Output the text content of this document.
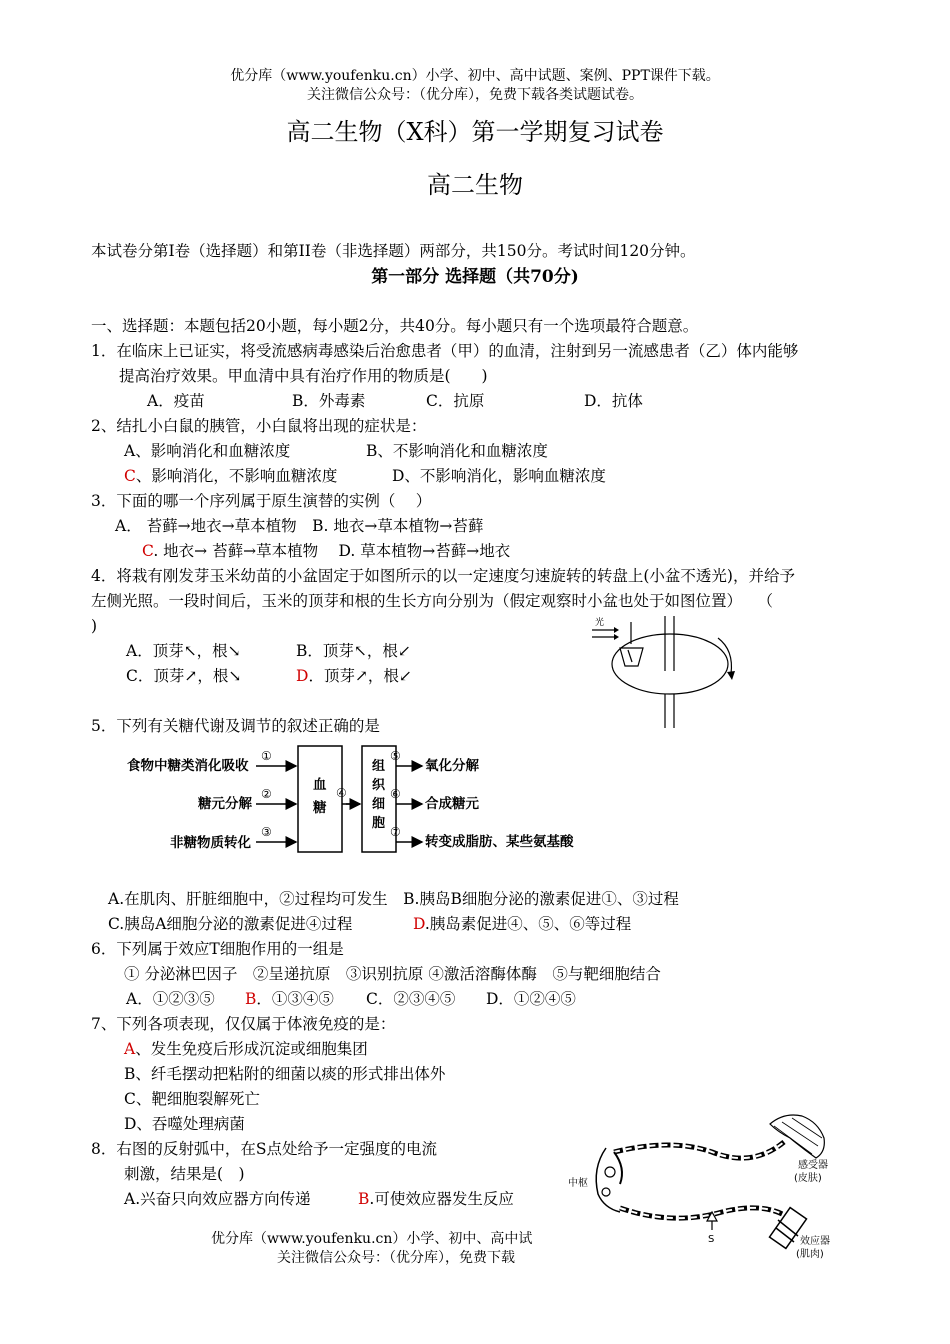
优分库（www.youfenku.cn）小学、初中、高中试题、案例、PPT课件下载。
关注微信公众号：（优分库），免费下载各类试题试卷。
高二生物（X科）第一学期复习试卷
高二生物
本试卷分第I卷（选择题）和第II卷（非选择题）两部分，共150分。考试时间120分钟。
第一部分 选择题（共70分)
一、选择题：本题包括20小题，每小题2分，共40分。每小题只有一个选项最符合题意。
1．在临床上已证实，将受流感病毒感染后治愈患者（甲）的血清，注射到另一流感患者（乙）体内能够
提高治疗效果。甲血清中具有治疗作用的物质是(　　)
A．疫苗	B．外毒素	C．抗原	D．抗体
2、结扎小白鼠的胰管，小白鼠将出现的症状是：
A、影响消化和血糖浓度	B、不影响消化和血糖浓度
C、影响消化，不影响血糖浓度	D、不影响消化，影响血糖浓度
3．下面的哪一个序列属于原生演替的实例（　 ）
A． 苔藓→地衣→草本植物　B. 地衣→草本植物→苔藓
C. 地衣→ 苔藓→草本植物　 D. 草本植物→苔藓→地衣
4．将栽有刚发芽玉米幼苗的小盆固定于如图所示的以一定速度匀速旋转的转盘上(小盆不透光)，并给予
左侧光照。一段时间后，玉米的顶芽和根的生长方向分别为（假定观察时小盆也处于如图位置）　　（
)
A．顶芽↖，根↘	B．顶芽↖，根↙
C．顶芽↗，根↘	D．顶芽↗，根↙
光
5．下列有关糖代谢及调节的叙述正确的是
食物中糖类消化吸收
糖元分解
非糖物质转化
①
②
③
血
糖
④
组
织
细
胞
⑤
⑥
⑦
氧化分解
合成糖元
转变成脂肪、某些氨基酸
A.在肌肉、肝脏细胞中，②过程均可发生　B.胰岛B细胞分泌的激素促进①、③过程
C.胰岛A细胞分泌的激素促进④过程	D.胰岛素促进④、⑤、⑥等过程
6．下列属于效应T细胞作用的一组是
① 分泌淋巴因子　②呈递抗原　③识别抗原 ④激活溶酶体酶　⑤与靶细胞结合
A．①②③⑤ B．①③④⑤ C．②③④⑤ D．①②④⑤
7、下列各项表现，仅仅属于体液免疫的是：
A、发生免疫后形成沉淀或细胞集团
B、纤毛摆动把粘附的细菌以痰的形式排出体外
C、靶细胞裂解死亡
D、吞噬处理病菌
8．右图的反射弧中，在S点处给予一定强度的电流
刺激，结果是(　)
A.兴奋只向效应器方向传递	B.可使效应器发生反应
感受器
(皮肤)
中枢
S	效应器
(肌肉)
优分库（www.youfenku.cn）小学、初中、高中试
关注微信公众号：（优分库），免费下载
